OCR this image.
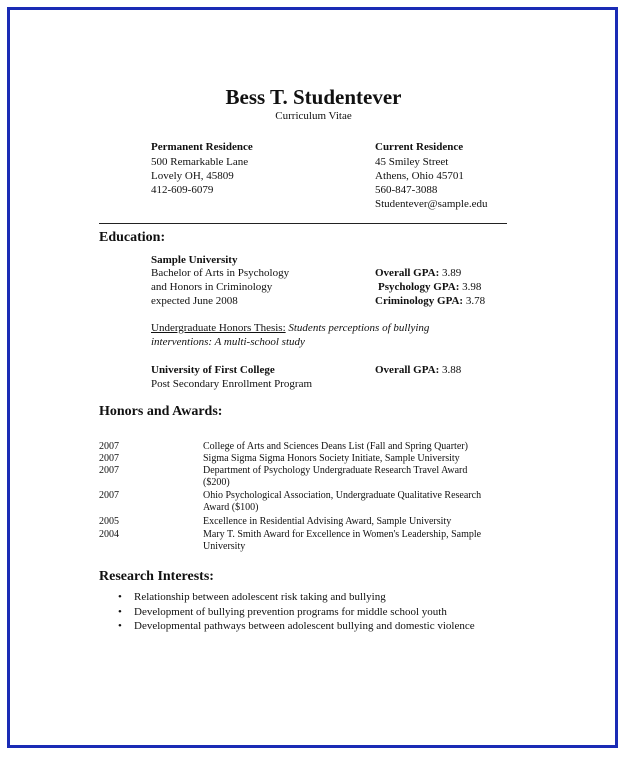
Bess T. Studentever
Curriculum Vitae
Permanent Residence
500 Remarkable Lane
Lovely OH, 45809
412-609-6079
Current Residence
45 Smiley Street
Athens, Ohio 45701
560-847-3088
Studentever@sample.edu
Education:
Sample University
Bachelor of Arts in Psychology
and Honors in Criminology
expected June 2008
Overall GPA: 3.89
Psychology GPA: 3.98
Criminology GPA: 3.78
Undergraduate Honors Thesis: Students perceptions of bullying
interventions: A multi-school study
University of First College
Post Secondary Enrollment Program
Overall GPA: 3.88
Honors and Awards:
2007	College of Arts and Sciences Deans List (Fall and Spring Quarter)
2007	Sigma Sigma Sigma Honors Society Initiate, Sample University
2007	Department of Psychology Undergraduate Research Travel Award
($200)
2007	Ohio Psychological Association, Undergraduate Qualitative Research
Award ($100)
2005	Excellence in Residential Advising Award, Sample University
2004	Mary T. Smith Award for Excellence in Women's Leadership, Sample
University
Research Interests:
• Relationship between adolescent risk taking and bullying
• Development of bullying prevention programs for middle school youth
• Developmental pathways between adolescent bullying and domestic violence
